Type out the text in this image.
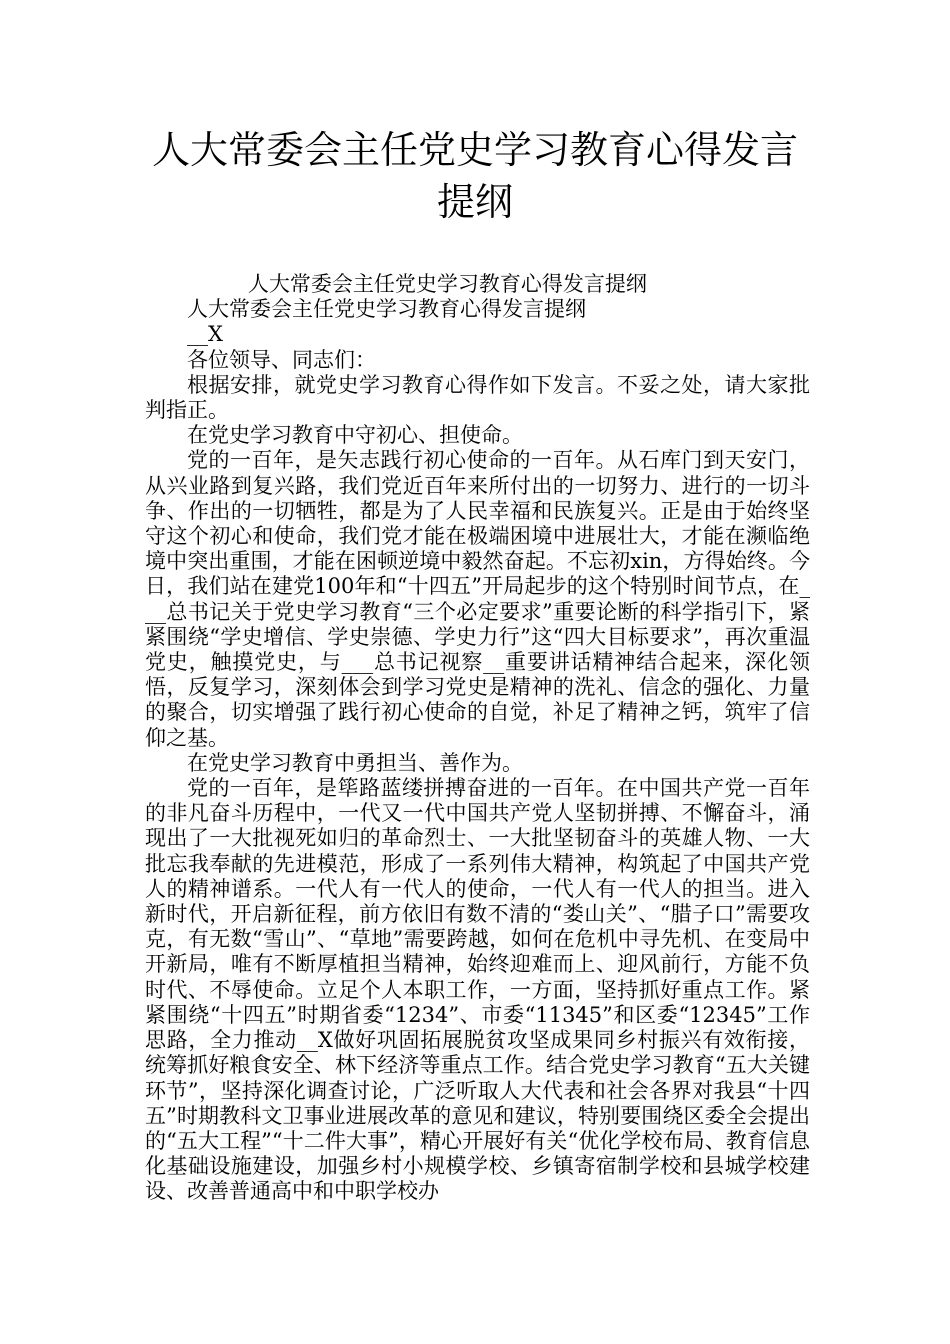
人大常委会主任党史学习教育心得发言提纲

人大常委会主任党史学习教育心得发言提纲

人大常委会主任党史学习教育心得发言提纲

__X

各位领导、同志们：

根据安排，就党史学习教育心得作如下发言。不妥之处，请大家批判指正。

在党史学习教育中守初心、担使命。

党的一百年，是矢志践行初心使命的一百年。从石库门到天安门，从兴业路到复兴路，我们党近百年来所付出的一切努力、进行的一切斗争、作出的一切牺牲，都是为了人民幸福和民族复兴。正是由于始终坚守这个初心和使命，我们党才能在极端困境中进展壮大，才能在濒临绝境中突出重围，才能在困顿逆境中毅然奋起。不忘初xin，方得始终。今日，我们站在建党100年和“十四五”开局起步的这个特别时间节点，在___总书记关于党史学习教育“三个必定要求”重要论断的科学指引下，紧紧围绕“学史增信、学史崇德、学史力行”这“四大目标要求”，再次重温党史，触摸党史，与___总书记视察__重要讲话精神结合起来，深化领悟，反复学习，深刻体会到学习党史是精神的洗礼、信念的强化、力量的聚合，切实增强了践行初心使命的自觉，补足了精神之钙，筑牢了信仰之基。

在党史学习教育中勇担当、善作为。

党的一百年，是筚路蓝缕拼搏奋进的一百年。在中国共产党一百年的非凡奋斗历程中，一代又一代中国共产党人坚韧拼搏、不懈奋斗，涌现出了一大批视死如归的革命烈士、一大批坚韧奋斗的英雄人物、一大批忘我奉献的先进模范，形成了一系列伟大精神，构筑起了中国共产党人的精神谱系。一代人有一代人的使命，一代人有一代人的担当。进入新时代，开启新征程，前方依旧有数不清的“娄山关”、“腊子口”需要攻克，有无数“雪山”、“草地”需要跨越，如何在危机中寻先机、在变局中开新局，唯有不断厚植担当精神，始终迎难而上、迎风前行，方能不负时代、不辱使命。立足个人本职工作，一方面，坚持抓好重点工作。紧紧围绕“十四五”时期省委“1234”、市委“11345”和区委“12345”工作思路，全力推动__X做好巩固拓展脱贫攻坚成果同乡村振兴有效衔接，统筹抓好粮食安全、林下经济等重点工作。结合党史学习教育“五大关键环节”，坚持深化调查讨论，广泛听取人大代表和社会各界对我县“十四五”时期教科文卫事业进展改革的意见和建议，特别要围绕区委全会提出的“五大工程”“十二件大事”，精心开展好有关“优化学校布局、教育信息化基础设施建设，加强乡村小规模学校、乡镇寄宿制学校和县城学校建设、改善普通高中和中职学校办
